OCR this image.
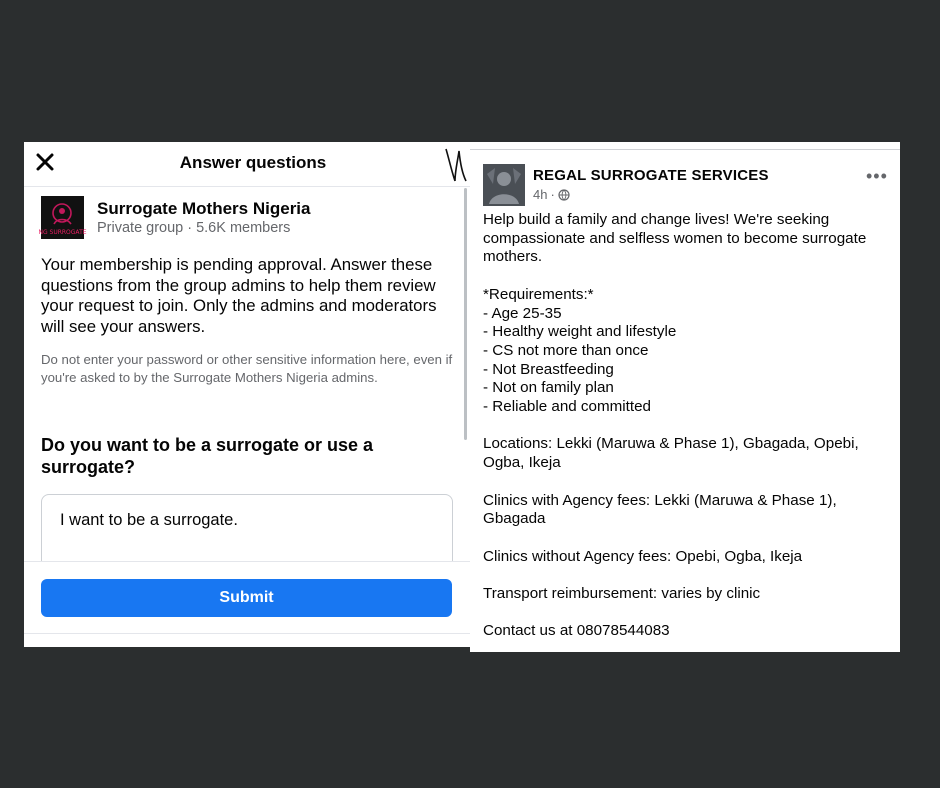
Answer questions
NG SURROGATE
Surrogate Mothers Nigeria
Private group · 5.6K members
Your membership is pending approval. Answer these questions from the group admins to help them review your request to join. Only the admins and moderators will see your answers.
Do not enter your password or other sensitive information here, even if you're asked to by the Surrogate Mothers Nigeria admins.
Do you want to be a surrogate or use a surrogate?
I want to be a surrogate.
Submit
REGAL SURROGATE SERVICES
4h ·
•••

Help build a family and change lives! We're seeking compassionate and selfless women to become surrogate mothers.

*Requirements:*

- Age 25-35

- Healthy weight and lifestyle

- CS not more than once

- Not Breastfeeding

- Not on family plan

- Reliable and committed

Locations: Lekki (Maruwa & Phase 1), Gbagada, Opebi, Ogba, Ikeja

Clinics with Agency fees: Lekki (Maruwa & Phase 1), Gbagada

Clinics without Agency fees: Opebi, Ogba, Ikeja

Transport reimbursement: varies by clinic

Contact us at 08078544083
